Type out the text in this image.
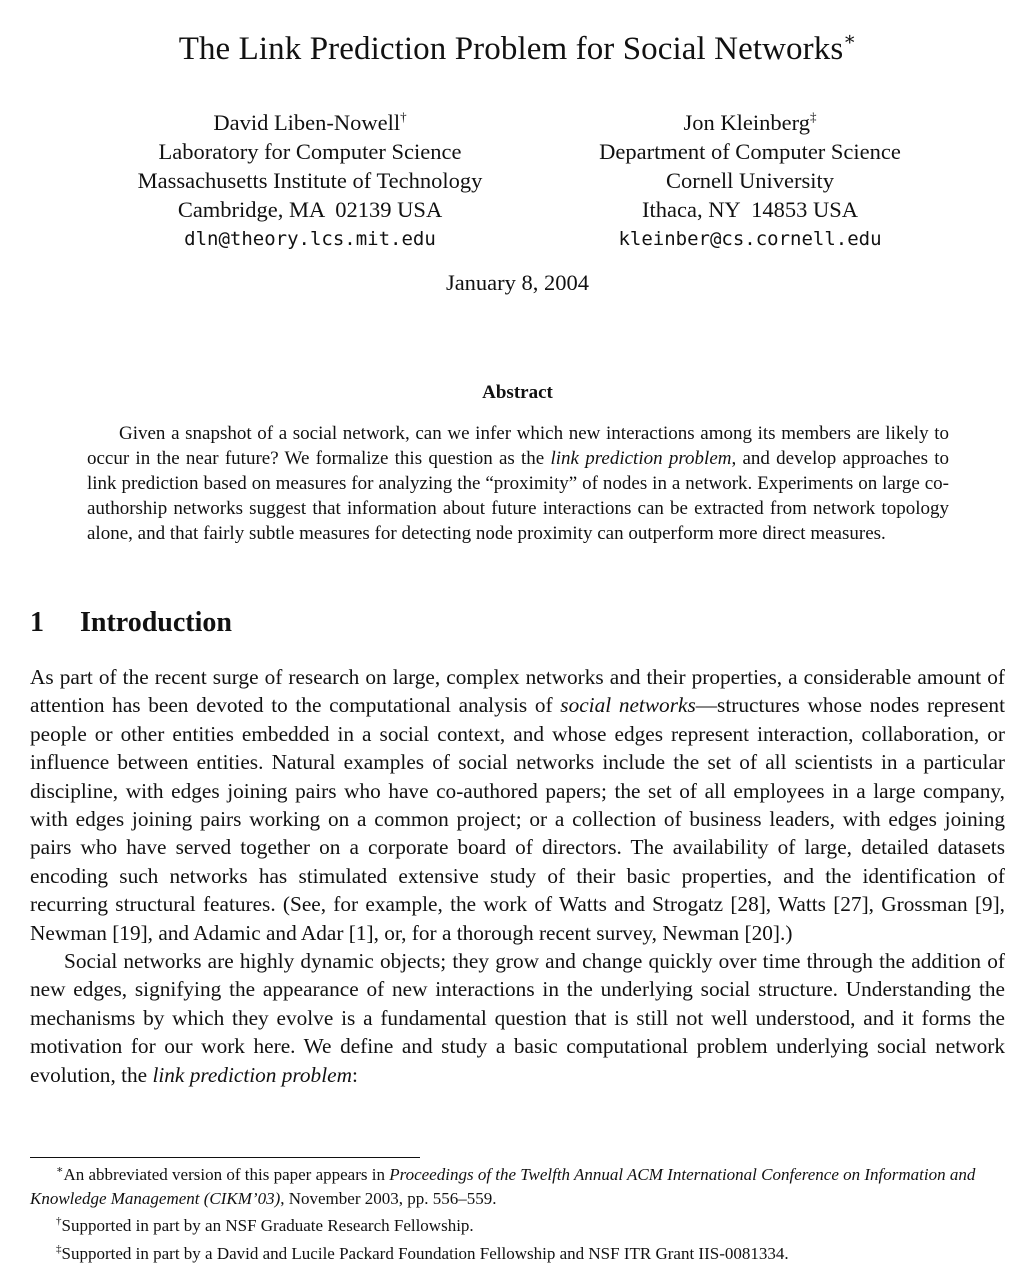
The Link Prediction Problem for Social Networks∗
David Liben-Nowell†
Laboratory for Computer Science
Massachusetts Institute of Technology
Cambridge, MA  02139 USA
dln@theory.lcs.mit.edu
Jon Kleinberg‡
Department of Computer Science
Cornell University
Ithaca, NY  14853 USA
kleinber@cs.cornell.edu
January 8, 2004
Abstract
Given a snapshot of a social network, can we infer which new interactions among its members are likely to occur in the near future? We formalize this question as the link prediction problem, and develop approaches to link prediction based on measures for analyzing the “proximity” of nodes in a network. Experiments on large co-authorship networks suggest that information about future interactions can be extracted from network topology alone, and that fairly subtle measures for detecting node proximity can outperform more direct measures.
1 Introduction

As part of the recent surge of research on large, complex networks and their properties, a considerable amount of attention has been devoted to the computational analysis of social networks—structures whose nodes represent people or other entities embedded in a social context, and whose edges represent interaction, collaboration, or influence between entities. Natural examples of social networks include the set of all scientists in a particular discipline, with edges joining pairs who have co-authored papers; the set of all employees in a large company, with edges joining pairs working on a common project; or a collection of business leaders, with edges joining pairs who have served together on a corporate board of directors. The availability of large, detailed datasets encoding such networks has stimulated extensive study of their basic properties, and the identification of recurring structural features. (See, for example, the work of Watts and Strogatz [28], Watts [27], Grossman [9], Newman [19], and Adamic and Adar [1], or, for a thorough recent survey, Newman [20].)

Social networks are highly dynamic objects; they grow and change quickly over time through the addition of new edges, signifying the appearance of new interactions in the underlying social structure. Understanding the mechanisms by which they evolve is a fundamental question that is still not well understood, and it forms the motivation for our work here. We define and study a basic computational problem underlying social network evolution, the link prediction problem:

∗An abbreviated version of this paper appears in Proceedings of the Twelfth Annual ACM International Conference on Information and Knowledge Management (CIKM’03), November 2003, pp. 556–559.

†Supported in part by an NSF Graduate Research Fellowship.

‡Supported in part by a David and Lucile Packard Foundation Fellowship and NSF ITR Grant IIS-0081334.
